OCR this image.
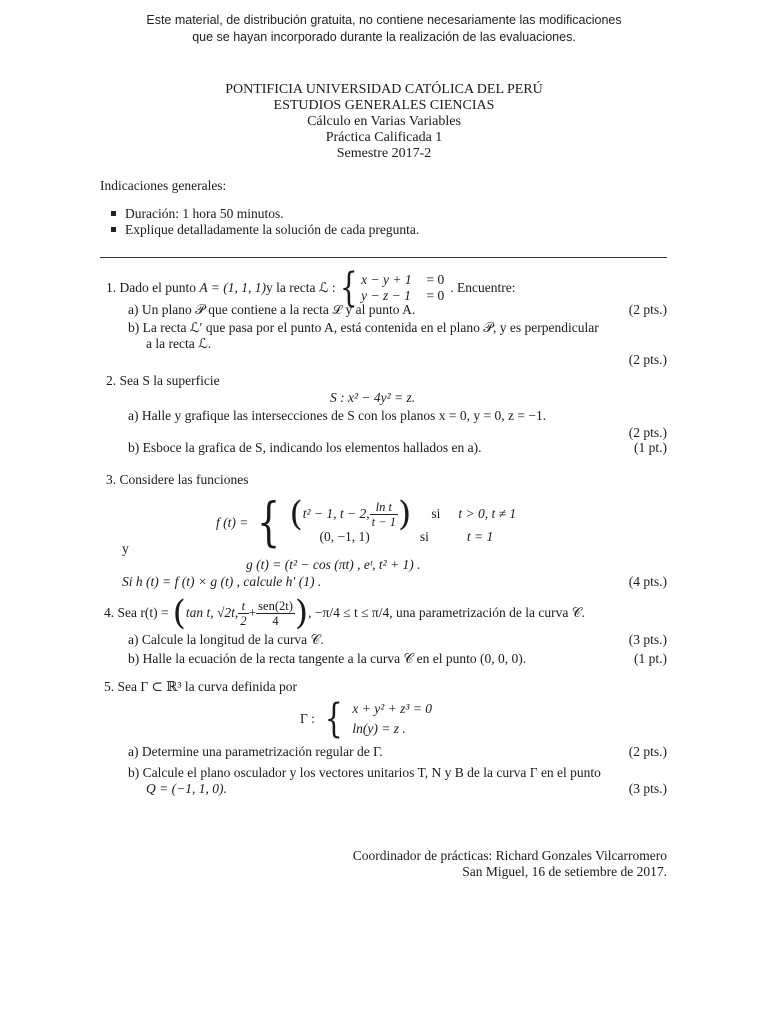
Este material, de distribución gratuita, no contiene necesariamente las modificaciones
que se hayan incorporado durante la realización de las evaluaciones.
PONTIFICIA UNIVERSIDAD CATÓLICA DEL PERÚ
ESTUDIOS GENERALES CIENCIAS
Cálculo en Varias Variables
Práctica Calificada 1
Semestre 2017-2
Indicaciones generales:
Duración: 1 hora 50 minutos.
Explique detalladamente la solución de cada pregunta.
1. Dado el punto
A = (1, 1, 1) y la recta
ℒ : { x − y + 1 = 0
y − z − 1 = 0
. Encuentre:
a) Un plano 𝒫 que contiene a la recta ℒ y al punto A.	(2 pts.)
b) La recta ℒ′ que pasa por el punto A, está contenida en el plano 𝒫, y es perpendicular
a la recta ℒ.
(2 pts.)
2. Sea S la superficie
S : x² − 4y² = z.
a) Halle y grafique las intersecciones de S con los planos x = 0, y = 0, z = −1.
(2 pts.)
b) Esboce la grafica de S, indicando los elementos hallados en a).	(1 pt.)
3. Considere las funciones
f (t) = { ( t² − 1, t − 2, $\frac{\text{ln t}}{t - 1}$ ) si t > 0, t ≠ 1
(0, −1, 1)	si	t = 1
y
g (t) = (t² − cos (πt) , eᵗ, t² + 1) .
Si h (t) = f (t) × g (t) , calcule h′ (1) .	(4 pts.)
4. Sea r(t) = ( tan t, √2t, $\frac{t}{2} + \frac{\text{sen(2t)}}{4}$ ) , −π/4 ≤ t ≤ π/4, una parametrización de la curva 𝒞.
a) Calcule la longitud de la curva 𝒞.	(3 pts.)
b) Halle la ecuación de la recta tangente a la curva 𝒞 en el punto (0, 0, 0).	(1 pt.)
5. Sea Γ ⊂ ℝ³ la curva definida por
Γ : { x + y² + z³ = 0
ln(y) = z .
a) Determine una parametrización regular de Γ.	(2 pts.)
b) Calcule el plano osculador y los vectores unitarios T, N y B de la curva Γ en el punto
Q = (−1, 1, 0).	(3 pts.)
Coordinador de prácticas: Richard Gonzales Vilcarromero
San Miguel, 16 de setiembre de 2017.
